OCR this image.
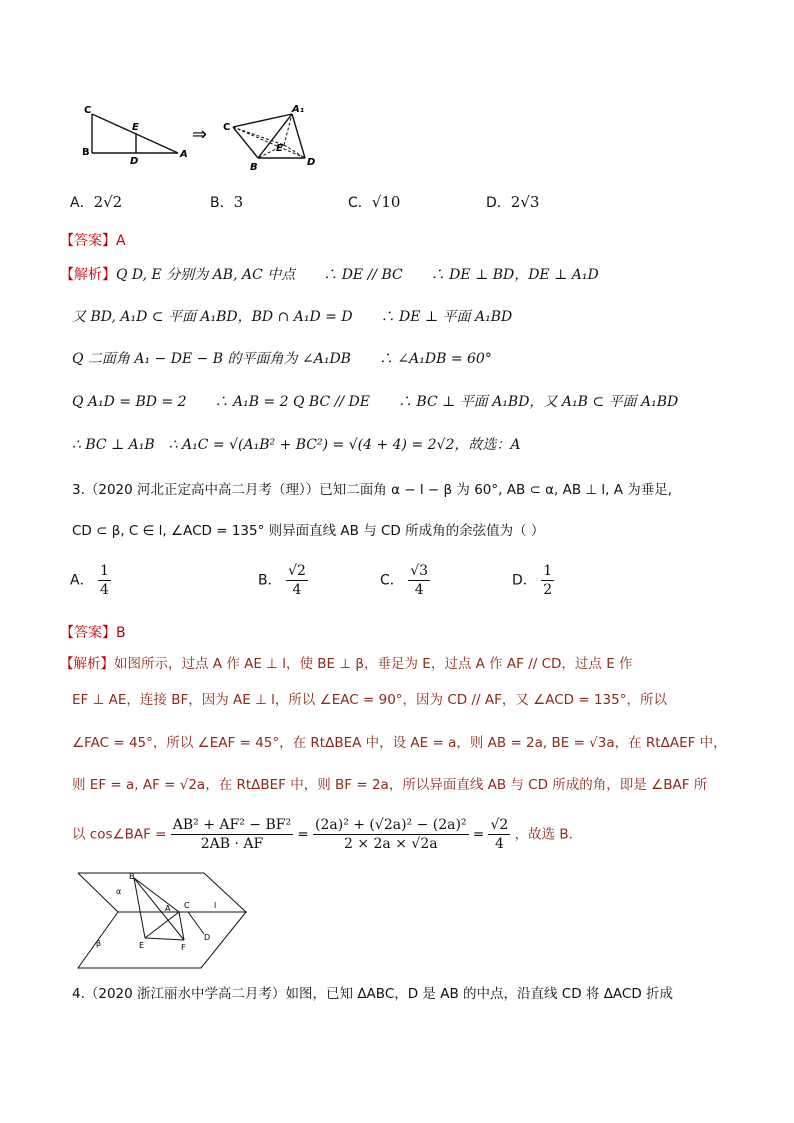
C
E
B
D
A
⇒ C
A₁
E
B	D
A．2√2	B．3	C．√10	D．2√3
【答案】A
【解析】Q D, E 分别为 AB, AC 中点　　∴ DE // BC　　∴ DE ⊥ BD，DE ⊥ A₁D
又 BD, A₁D ⊂ 平面 A₁BD，BD ∩ A₁D = D　　∴ DE ⊥ 平面 A₁BD
Q 二面角 A₁ − DE − B 的平面角为 ∠A₁DB　　∴ ∠A₁DB = 60°
Q A₁D = BD = 2　　∴ A₁B = 2 Q BC // DE　　∴ BC ⊥ 平面 A₁BD，又 A₁B ⊂ 平面 A₁BD
∴ BC ⊥ A₁B　∴ A₁C = √(A₁B² + BC²) = √(4 + 4) = 2√2，故选：A
3.（2020 河北正定高中高二月考（理））已知二面角 α − l − β 为 60°, AB ⊂ α, AB ⊥ l, A 为垂足,
CD ⊂ β, C ∈ l, ∠ACD = 135° 则异面直线 AB 与 CD 所成角的余弦值为（ ）
A． $\frac{1}{4}$	B． $\frac{√2}{4}$	C． $\frac{√3}{4}$	D． $\frac{1}{2}$
【答案】B
【解析】如图所示，过点 A 作 AE ⊥ l，使 BE ⊥ β，垂足为 E，过点 A 作 AF // CD，过点 E 作
EF ⊥ AE，连接 BF，因为 AE ⊥ l，所以 ∠EAC = 90°，因为 CD // AF，又 ∠ACD = 135°，所以
∠FAC = 45°，所以 ∠EAF = 45°，在 RtΔBEA 中，设 AE = a，则 AB = 2a, BE = √3a，在 RtΔAEF 中，
则 EF = a, AF = √2a，在 RtΔBEF 中，则 BF = 2a，所以异面直线 AB 与 CD 所成的角，即是 ∠BAF 所
以 cos∠BAF = $\frac{\text{AB² + AF² − BF²}}{2AB \cdot AF} = \frac{\text{(2a)² + (√2a)² − (2a)²}}{2 \times 2a \times √2a} = \frac{√2}{4}$ ，故选 B．
B
α
A C	l
β	E	F
D
4.（2020 浙江丽水中学高二月考）如图，已知 ΔABC，D 是 AB 的中点，沿直线 CD 将 ΔACD 折成
